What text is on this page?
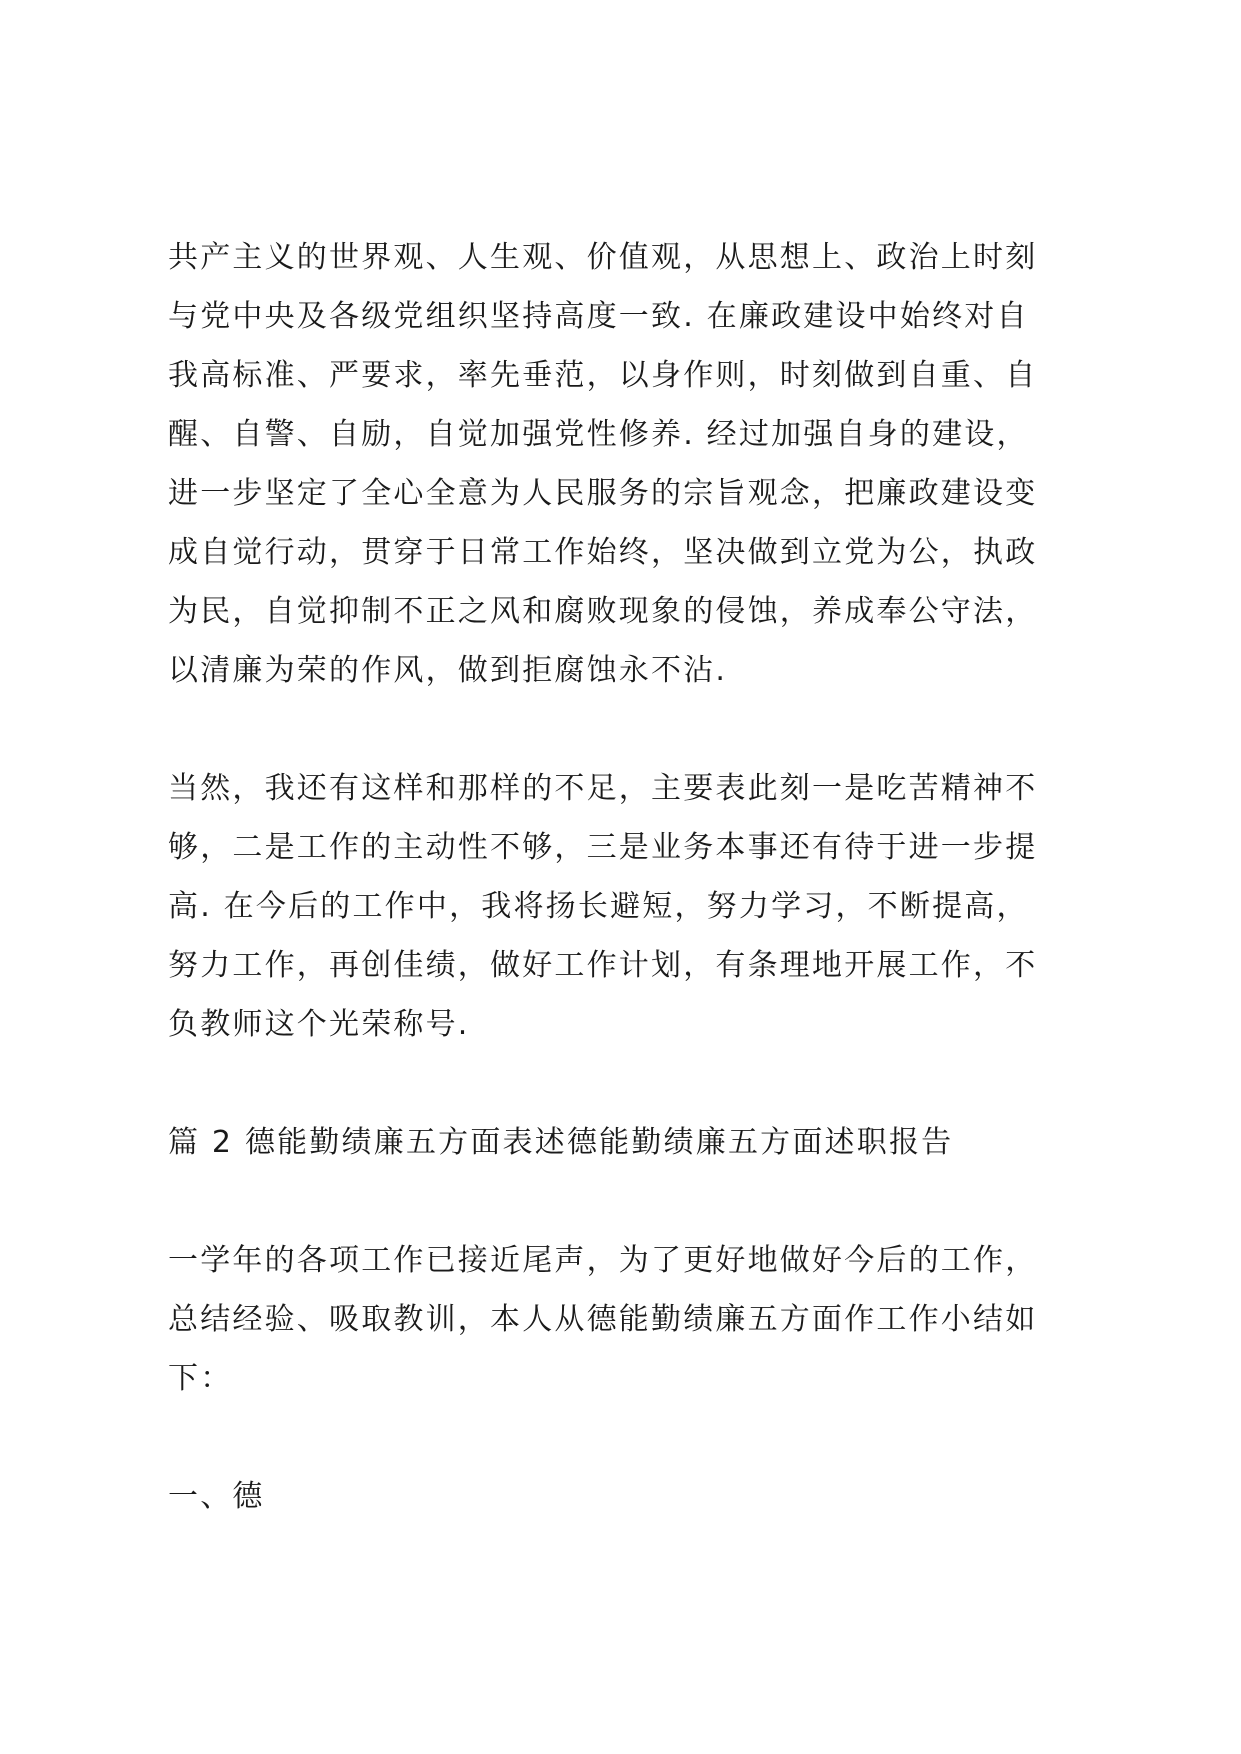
共产主义的世界观、人生观、价值观，从思想上、政治上时刻
与党中央及各级党组织坚持高度一致. 在廉政建设中始终对自
我高标准、严要求，率先垂范，以身作则，时刻做到自重、自
醒、自警、自励，自觉加强党性修养. 经过加强自身的建设，
进一步坚定了全心全意为人民服务的宗旨观念，把廉政建设变
成自觉行动，贯穿于日常工作始终，坚决做到立党为公，执政
为民，自觉抑制不正之风和腐败现象的侵蚀，养成奉公守法，
以清廉为荣的作风，做到拒腐蚀永不沾.

当然，我还有这样和那样的不足，主要表此刻一是吃苦精神不
够，二是工作的主动性不够，三是业务本事还有待于进一步提
高. 在今后的工作中，我将扬长避短，努力学习，不断提高，
努力工作，再创佳绩，做好工作计划，有条理地开展工作，不
负教师这个光荣称号.

篇 2 德能勤绩廉五方面表述德能勤绩廉五方面述职报告

一学年的各项工作已接近尾声，为了更好地做好今后的工作，
总结经验、吸取教训，本人从德能勤绩廉五方面作工作小结如
下：

一、德
